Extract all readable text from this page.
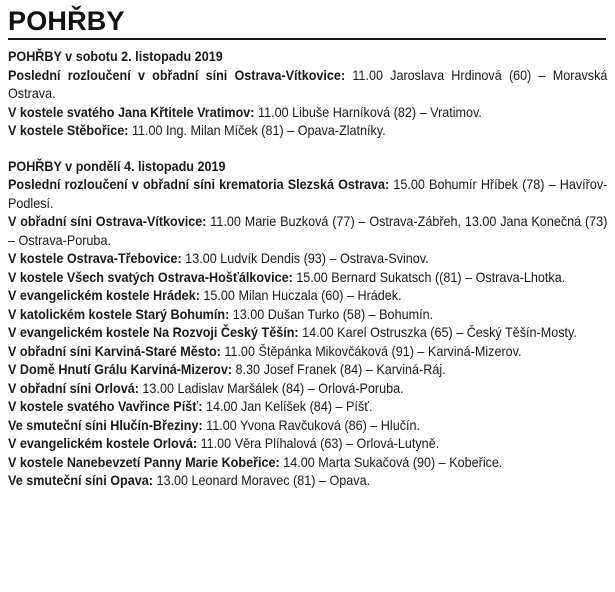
POHŘBY

POHŘBY v sobotu 2. listopadu 2019

Poslední rozloučení v obřadní síni Ostrava-Vítkovice: 11.00 Jaroslava Hrdinová (60) – Moravská Ostrava.

V kostele svatého Jana Křtitele Vratimov: 11.00 Libuše Harníková (82) – Vratimov.

V kostele Stěbořice: 11.00 Ing. Milan Míček (81) – Opava-Zlatníky.

POHŘBY v pondělí 4. listopadu 2019

Poslední rozloučení v obřadní síni krematoria Slezská Ostrava: 15.00 Bohumír Hříbek (78) – Havířov-Podlesí.

V obřadní síni Ostrava-Vítkovice: 11.00 Marie Buzková (77) – Ostrava-Zábřeh, 13.00 Jana Konečná (73) – Ostrava-Poruba.

V kostele Ostrava-Třebovice: 13.00 Ludvík Dendis (93) – Ostrava-Svinov.

V kostele Všech svatých Ostrava-Hošťálkovice: 15.00 Bernard Sukatsch ((81) – Ostrava-Lhotka.

V evangelickém kostele Hrádek: 15.00 Milan Huczala (60) – Hrádek.

V katolickém kostele Starý Bohumín: 13.00 Dušan Turko (58) – Bohumín.

V evangelickém kostele Na Rozvoji Český Těšín: 14.00 Karel Ostruszka (65) – Český Těšín-Mosty.

V obřadní síni Karviná-Staré Město: 11.00 Štěpánka Mikovčáková (91) – Karviná-Mizerov.

V Domě Hnutí Grálu Karviná-Mizerov: 8.30 Josef Franek (84) – Karviná-Ráj.

V obřadní síni Orlová: 13.00 Ladislav Maršálek (84) – Orlová-Poruba.

V kostele svatého Vavřince Píšť: 14.00 Jan Kelíšek (84) – Píšť.

Ve smuteční síni Hlučín-Březiny: 11.00 Yvona Ravčuková (86) – Hlučín.

V evangelickém kostele Orlová: 11.00 Věra Plíhalová (63) – Orlová-Lutyně.

V kostele Nanebevzetí Panny Marie Kobeřice: 14.00 Marta Sukačová (90) – Kobeřice.

Ve smuteční síni Opava: 13.00 Leonard Moravec (81) – Opava.
